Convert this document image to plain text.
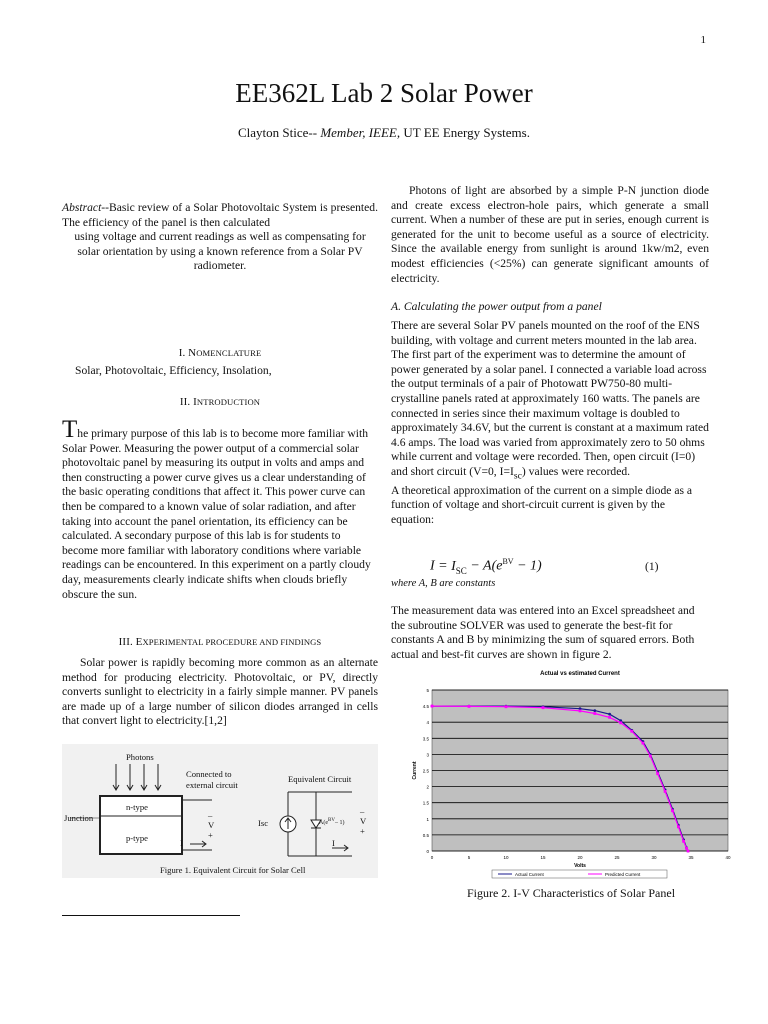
1
EE362L Lab 2 Solar Power
Clayton Stice-- Member, IEEE, UT EE Energy Systems.

Abstract--Basic review of a Solar Photovoltaic System is presented. The efficiency of the panel is then calculated

using voltage and current readings as well as compensating for solar orientation by using a known reference from a Solar PV radiometer.

I. NOMENCLATURE
Solar, Photovoltaic, Efficiency, Insolation,
II. INTRODUCTION

The primary purpose of this lab is to become more familiar with Solar Power. Measuring the power output of a commercial solar photovoltaic panel by measuring its output in volts and amps and then constructing a power curve gives us a clear understanding of the basic operating conditions that affect it. This power curve can then be compared to a known value of solar radiation, and after taking into account the panel orientation, its efficiency can be calculated. A secondary purpose of this lab is for students to become more familiar with laboratory conditions where variable readings can be encountered. In this experiment on a partly cloudy day, measurements clearly indicate shifts when clouds briefly obscure the sun.

III. EXPERIMENTAL PROCEDURE AND FINDINGS

Solar power is rapidly becoming more common as an alternate method for producing electricity. Photovoltaic, or PV, directly converts sunlight to electricity in a fairly simple manner. PV panels are made up of a large number of silicon diodes arranged in cells that convert light to electricity.[1,2]

Photons
Connected to
external circuit
Equivalent Circuit
Junction
n-type
p-type
–
V
+
I
Isc	$A(e^{BV}-$ 1)
–
V
+
I
Figure 1. Equivalent Circuit for Solar Cell

Photons of light are absorbed by a simple P-N junction diode and create excess electron-hole pairs, which generate a small current. When a number of these are put in series, enough current is generated for the unit to become useful as a source of electricity. Since the available energy from sunlight is around 1kw/m2, even modest efficiencies (<25%) can generate significant amounts of electricity.

A. Calculating the power output from a panel

There are several Solar PV panels mounted on the roof of the ENS building, with voltage and current meters mounted in the lab area. The first part of the experiment was to determine the amount of power generated by a solar panel. I connected a variable load across the output terminals of a pair of Photowatt PW750-80 multi-crystalline panels rated at approximately 160 watts. The panels are connected in series since their maximum voltage is doubled to approximately 34.6V, but the current is constant at a maximum rated 4.6 amps. The load was varied from approximately zero to 50 ohms while current and voltage were recorded. Then, open circuit (I=0) and short circuit (V=0, $I=I_{sc}$) values were recorded.

A theoretical approximation of the current on a simple diode as a function of voltage and short-circuit current is given by the equation:

$I = I_{SC} - A(e^{BV} - 1)$	(1)
where A, B are constants

The measurement data was entered into an Excel spreadsheet and the subroutine SOLVER was used to generate the best-fit for constants A and B by minimizing the sum of squared errors. Both actual and best-fit curves are shown in figure 2.

Actual vs estimated Current
0
0.5
1
1.5
2
2.5
3
3.5
4
4.5
5
0	5	10	15	20	25	30	35	40
Volts
Current
Actual Current	Predicted Current
Figure 2. I-V Characteristics of Solar Panel
